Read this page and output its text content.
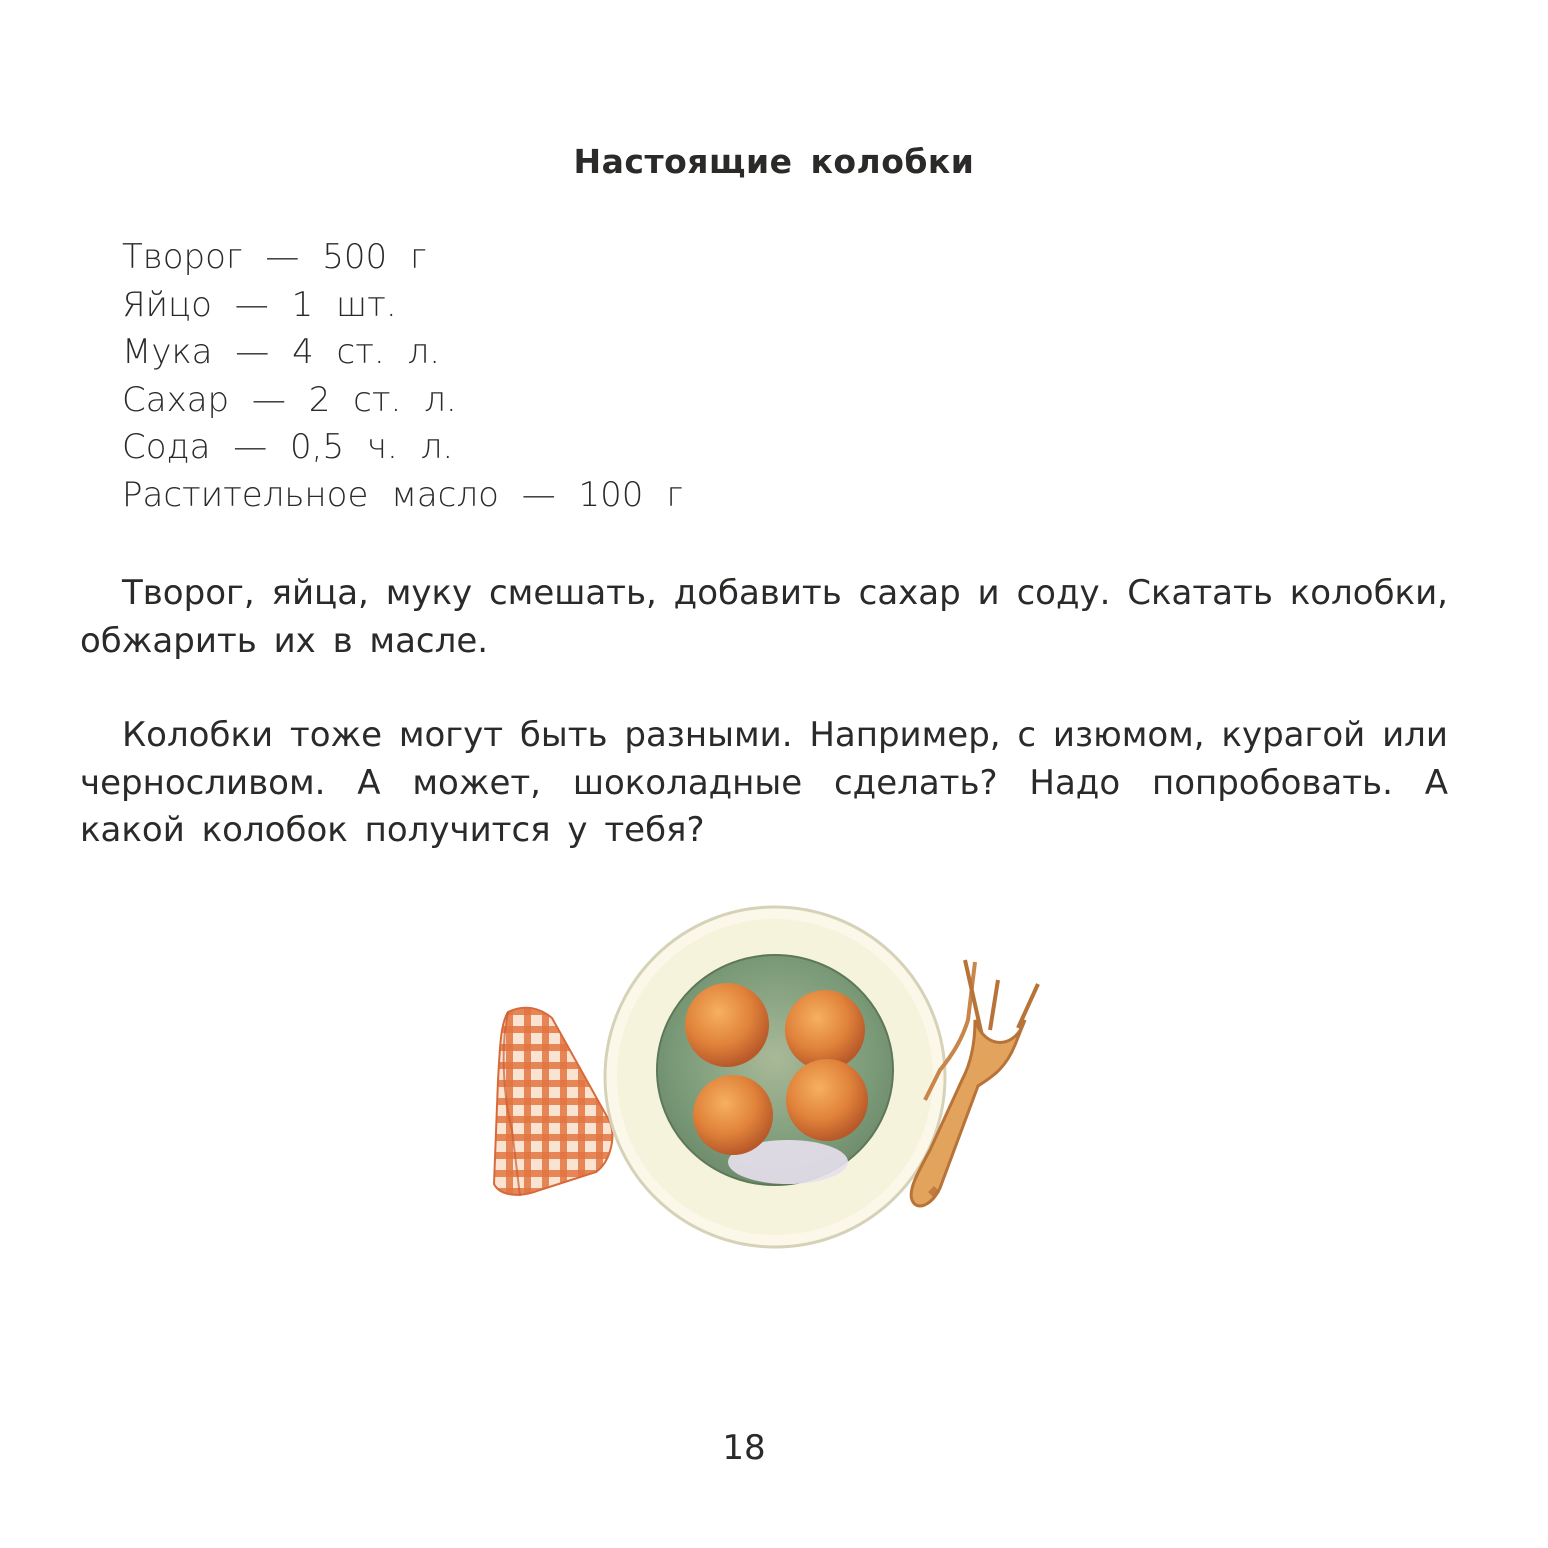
Настоящие колобки
Творог — 500 г
Яйцо — 1 шт.
Мука — 4 ст. л.
Сахар — 2 ст. л.
Сода — 0,5 ч. л.
Растительное масло — 100 г

Творог, яйца, муку смешать, добавить сахар и соду. Скатать колобки, обжарить их в масле.

Колобки тоже могут быть разными. Например, с изюмом, курагой или черносливом. А может, шоколадные сделать? Надо попробовать. А какой колобок получится у тебя?

18
